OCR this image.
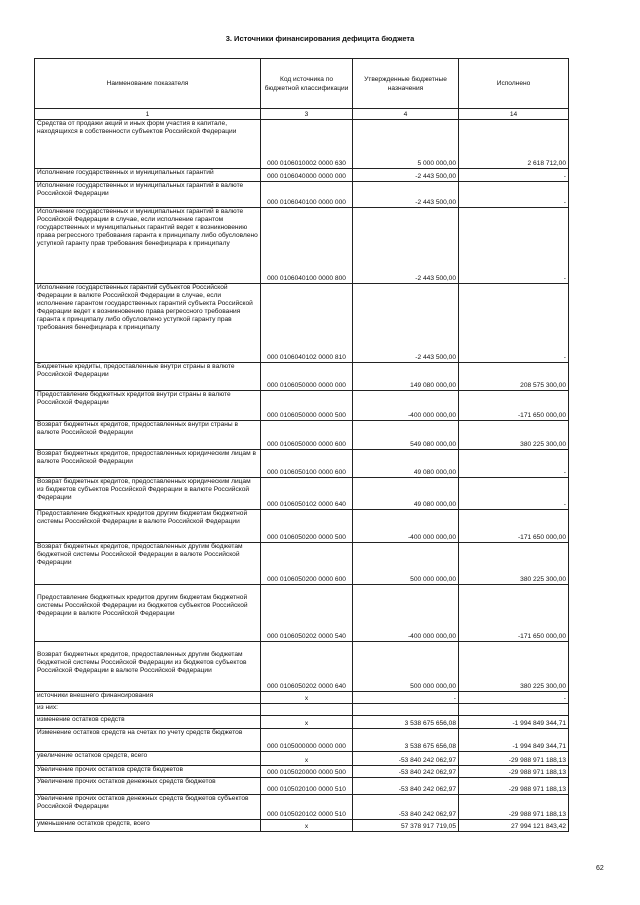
3. Источники финансирования дефицита бюджета
Наименование показателя	Код источника по бюджетной классификации	Утвержденные бюджетные назначения	Исполнено
1	3	4	14
Средства от продажи акций и иных форм участия в капитале, находящихся в собственности субъектов Российской Федерации	000 0106010002 0000 630	5 000 000,00	2 618 712,00
Исполнение государственных и муниципальных гарантий	000 0106040000 0000 000	-2 443 500,00	-
Исполнение государственных и муниципальных гарантий в валюте Российской Федерации	000 0106040100 0000 000	-2 443 500,00	-
Исполнение государственных и муниципальных гарантий в валюте Российской Федерации в случае, если исполнение гарантом государственных и муниципальных гарантий ведет к возникновению права регрессного требования гаранта к принципалу либо обусловлено уступкой гаранту прав требования бенефициара к принципалу	000 0106040100 0000 800	-2 443 500,00	-
Исполнение государственных гарантий субъектов Российской Федерации в валюте Российской Федерации в случае, если исполнение гарантом государственных гарантий субъекта Российской Федерации ведет к возникновению права регрессного требования гаранта к принципалу либо обусловлено уступкой гаранту прав требования бенефициара к принципалу	000 0106040102 0000 810	-2 443 500,00	-
Бюджетные кредиты, предоставленные внутри страны в валюте Российской Федерации	000 0106050000 0000 000	149 080 000,00	208 575 300,00
Предоставление бюджетных кредитов внутри страны в валюте Российской Федерации	000 0106050000 0000 500	-400 000 000,00	-171 650 000,00
Возврат бюджетных кредитов, предоставленных внутри страны в валюте Российской Федерации	000 0106050000 0000 600	549 080 000,00	380 225 300,00
Возврат бюджетных кредитов, предоставленных юридическим лицам в валюте Российской Федерации	000 0106050100 0000 600	49 080 000,00	-
Возврат бюджетных кредитов, предоставленных юридическим лицам из бюджетов субъектов Российской Федерации в валюте Российской Федерации	000 0106050102 0000 640	49 080 000,00	-
Предоставление бюджетных кредитов другим бюджетам бюджетной системы Российской Федерации в валюте Российской Федерации	000 0106050200 0000 500	-400 000 000,00	-171 650 000,00
Возврат бюджетных кредитов, предоставленных другим бюджетам бюджетной системы Российской Федерации в валюте Российской Федерации	000 0106050200 0000 600	500 000 000,00	380 225 300,00
Предоставление бюджетных кредитов другим бюджетам бюджетной системы Российской Федерации из бюджетов субъектов Российской Федерации в валюте Российской Федерации	000 0106050202 0000 540	-400 000 000,00	-171 650 000,00
Возврат бюджетных кредитов, предоставленных другим бюджетам бюджетной системы Российской Федерации из бюджетов субъектов Российской Федерации в валюте Российской Федерации	000 0106050202 0000 640	500 000 000,00	380 225 300,00
источники внешнего финансирования	x	-	-
из них:			
изменение остатков средств	x	3 538 675 656,08	-1 994 849 344,71
Изменение остатков средств на счетах по учету средств бюджетов	000 0105000000 0000 000	3 538 675 656,08	-1 994 849 344,71
увеличение остатков средств, всего	x	-53 840 242 062,97	-29 988 971 188,13
Увеличение прочих остатков средств бюджетов	000 0105020000 0000 500	-53 840 242 062,97	-29 988 971 188,13
Увеличение прочих остатков денежных средств бюджетов	000 0105020100 0000 510	-53 840 242 062,97	-29 988 971 188,13
Увеличение прочих остатков денежных средств бюджетов субъектов Российской Федерации	000 0105020102 0000 510	-53 840 242 062,97	-29 988 971 188,13
уменьшение остатков средств, всего	x	57 378 917 719,05	27 994 121 843,42
62
